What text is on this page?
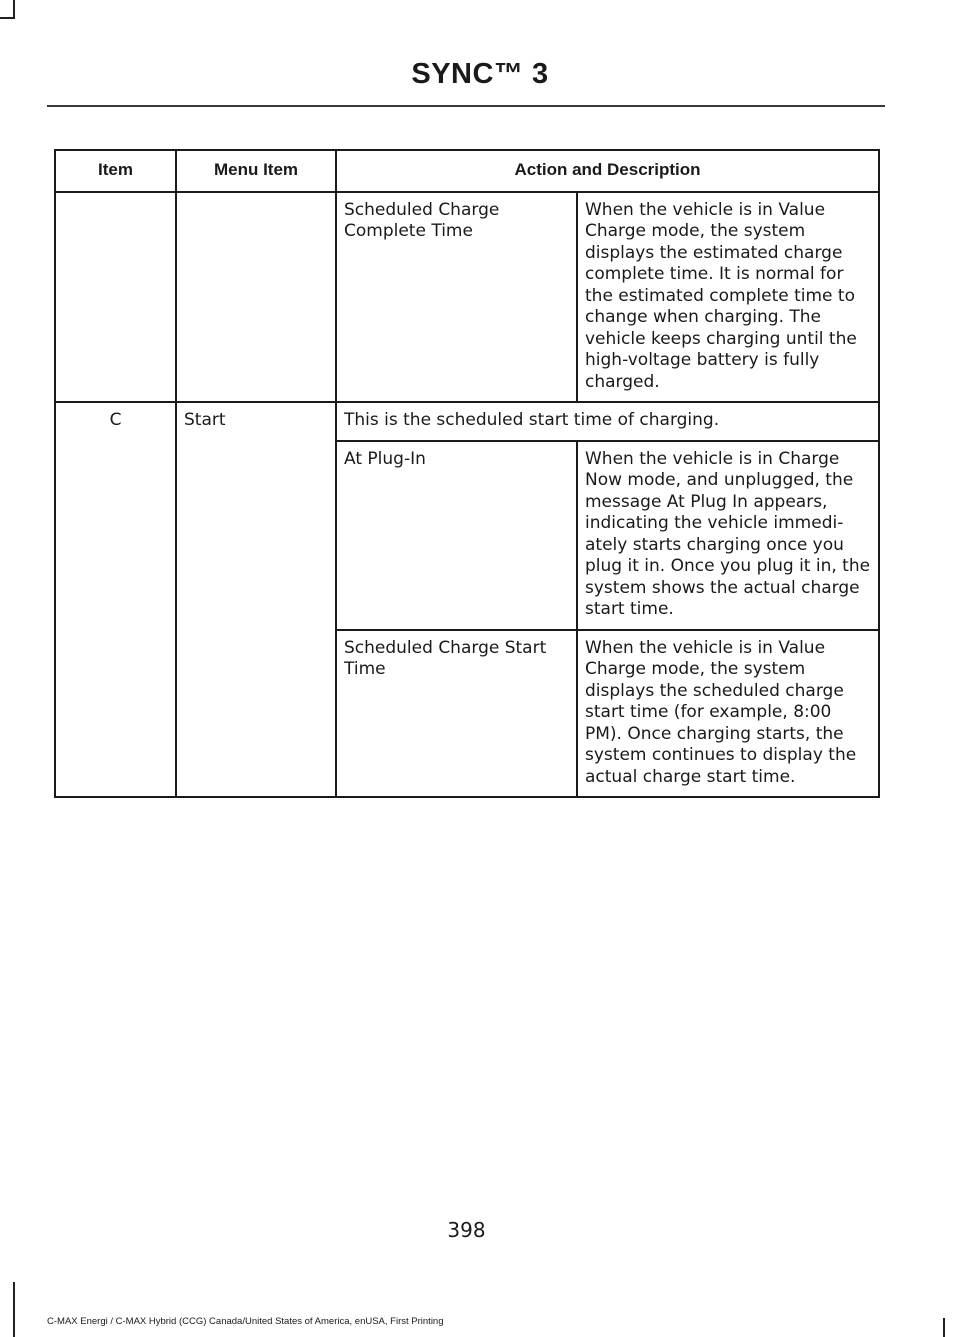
SYNC™ 3
Item	Menu Item	Action and Description	
		Scheduled Charge Complete Time	When the vehicle is in Value Charge mode, the system displays the estimated charge complete time. It is normal for the estimated complete time to change when charging. The vehicle keeps charging until the high-voltage battery is fully charged.
C	Start	This is the scheduled start time of charging.	
		At Plug-In	When the vehicle is in Charge Now mode, and unplugged, the message At Plug In appears, indicating the vehicle immedi-ately starts charging once you plug it in. Once you plug it in, the system shows the actual charge start time.
		Scheduled Charge Start Time	When the vehicle is in Value Charge mode, the system displays the scheduled charge start time (for example, 8:00 PM). Once charging starts, the system continues to display the actual charge start time.
398
C-MAX Energi / C-MAX Hybrid (CCG) Canada/United States of America, enUSA, First Printing
